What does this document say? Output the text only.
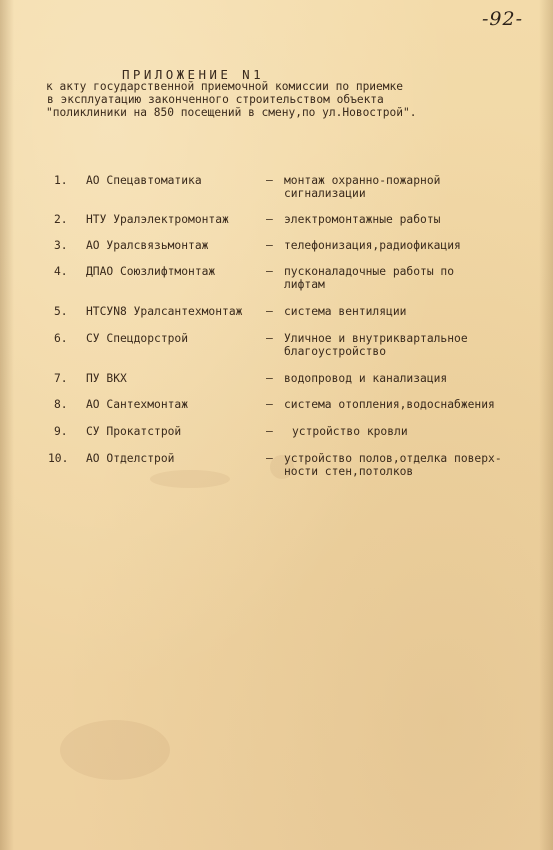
-92-
ПРИЛОЖЕНИЕ N1
к акту государственной приемочной комиссии по приемке
в эксплуатацию законченного строительством объекта
"поликлиники на 850 посещений в смену,по ул.Новострой".
1.	АО Спецавтоматика	– монтаж охранно-пожарной
сигнализации
2.	НТУ Уралэлектромонтаж	– электромонтажные работы
3.	АО Уралсвязьмонтаж	– телефонизация,радиофикация
4.	ДПАО Союзлифтмонтаж	– пусконаладочные работы по
лифтам
5.	НТСУN8 Уралсантехмонтаж – система вентиляции
6.	СУ Спецдорстрой	– Уличное и внутриквартальное
благоустройство
7.	ПУ ВКХ	– водопровод и канализация
8.	АО Сантехмонтаж	– система отопления,водоснабжения
9.	СУ Прокатстрой	– устройство кровли
10.	АО Отделстрой	– устройство полов,отделка поверх-
ности стен,потолков
